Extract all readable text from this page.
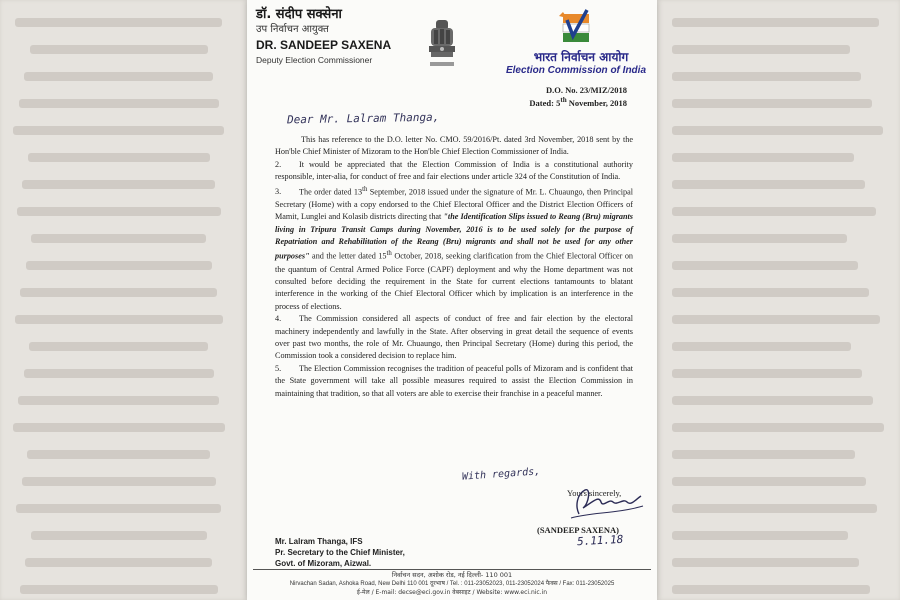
डॉ. संदीप सक्सेना
उप निर्वाचन आयुक्त
DR. SANDEEP SAXENA
Deputy Election Commissioner	भारत निर्वाचन आयोग
Election Commission of India
D.O. No. 23/MIZ/2018
Dated: 5th November, 2018
Dear Mr. Lalram Thanga,

This has reference to the D.O. letter No. CMO. 59/2016/Pt. dated 3rd November, 2018 sent by the Hon'ble Chief Minister of Mizoram to the Hon'ble Chief Election Commissioner of India.

2. It would be appreciated that the Election Commission of India is a constitutional authority responsible, inter-alia, for conduct of free and fair elections under article 324 of the Constitution of India.

3. The order dated 13th September, 2018 issued under the signature of Mr. L. Chuaungo, then Principal Secretary (Home) with a copy endorsed to the Chief Electoral Officer and the District Election Officers of Mamit, Lunglei and Kolasib districts directing that "the Identification Slips issued to Reang (Bru) migrants living in Tripura Transit Camps during November, 2016 is to be used solely for the purpose of Repatriation and Rehabilitation of the Reang (Bru) migrants and shall not be used for any other purposes" and the letter dated 15th October, 2018, seeking clarification from the Chief Electoral Officer on the quantum of Central Armed Police Force (CAPF) deployment and why the Home department was not consulted before deciding the requirement in the State for current elections tantamounts to blatant interference in the working of the Chief Electoral Officer which by implication is an interference in the process of elections.

4. The Commission considered all aspects of conduct of free and fair election by the electoral machinery independently and lawfully in the State. After observing in great detail the sequence of events over past two months, the role of Mr. Chuaungo, then Principal Secretary (Home) during this period, the Commission took a considered decision to replace him.

5. The Election Commission recognises the tradition of peaceful polls of Mizoram and is confident that the State government will take all possible measures required to assist the Election Commission in maintaining that tradition, so that all voters are able to exercise their franchise in a peaceful manner.

With regards,
Yours sincerely,
(SANDEEP SAXENA)
5.11.18
Mr. Lalram Thanga, IFS
Pr. Secretary to the Chief Minister,
Govt. of Mizoram, Aizwal.
निर्वाचन सदन, अशोक रोड, नई दिल्ली- 110 001
Nirvachan Sadan, Ashoka Road, New Delhi 110 001 दूरभाष / Tel. : 011-23052023, 011-23052024 फैक्स / Fax: 011-23052025
ई-मेल / E-mail: decse@eci.gov.in वेबसाइट / Website: www.eci.nic.in
